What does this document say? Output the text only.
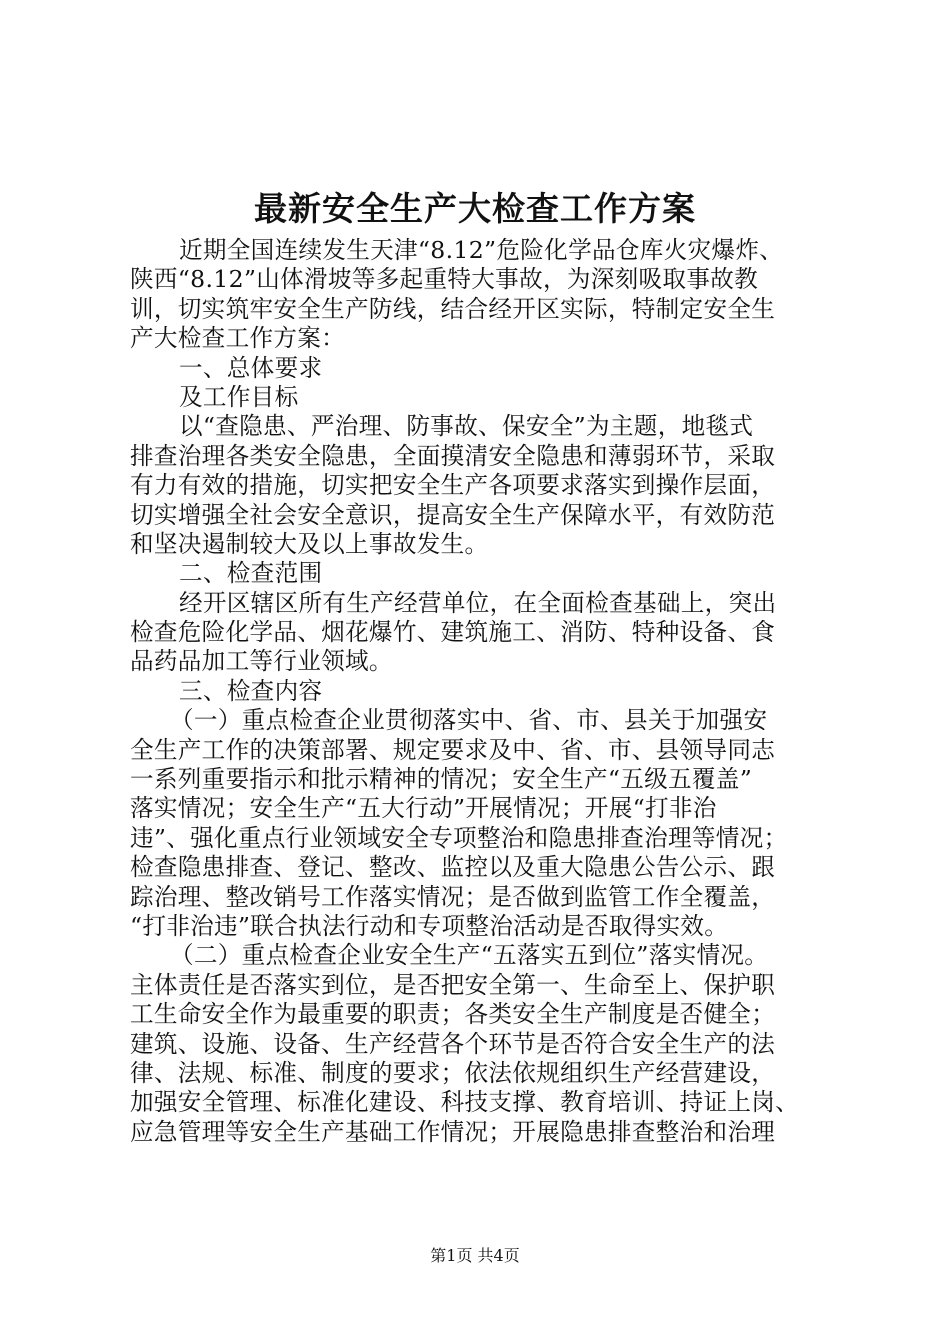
最新安全生产大检查工作方案
近期全国连续发生天津“8.12”危险化学品仓库火灾爆炸、
陕西“8.12”山体滑坡等多起重特大事故，为深刻吸取事故教
训，切实筑牢安全生产防线，结合经开区实际，特制定安全生
产大检查工作方案：
一、总体要求
及工作目标
以“查隐患、严治理、防事故、保安全”为主题，地毯式
排查治理各类安全隐患，全面摸清安全隐患和薄弱环节，采取
有力有效的措施，切实把安全生产各项要求落实到操作层面，
切实增强全社会安全意识，提高安全生产保障水平，有效防范
和坚决遏制较大及以上事故发生。
二、检查范围
经开区辖区所有生产经营单位，在全面检查基础上，突出
检查危险化学品、烟花爆竹、建筑施工、消防、特种设备、食
品药品加工等行业领域。
三、检查内容
（一）重点检查企业贯彻落实中、省、市、县关于加强安
全生产工作的决策部署、规定要求及中、省、市、县领导同志
一系列重要指示和批示精神的情况；安全生产“五级五覆盖”
落实情况；安全生产“五大行动”开展情况；开展“打非治
违”、强化重点行业领域安全专项整治和隐患排查治理等情况；
检查隐患排查、登记、整改、监控以及重大隐患公告公示、跟
踪治理、整改销号工作落实情况；是否做到监管工作全覆盖，
“打非治违”联合执法行动和专项整治活动是否取得实效。
（二）重点检查企业安全生产“五落实五到位”落实情况。
主体责任是否落实到位，是否把安全第一、生命至上、保护职
工生命安全作为最重要的职责；各类安全生产制度是否健全；
建筑、设施、设备、生产经营各个环节是否符合安全生产的法
律、法规、标准、制度的要求；依法依规组织生产经营建设，
加强安全管理、标准化建设、科技支撑、教育培训、持证上岗、
应急管理等安全生产基础工作情况；开展隐患排查整治和治理
第1页 共4页
